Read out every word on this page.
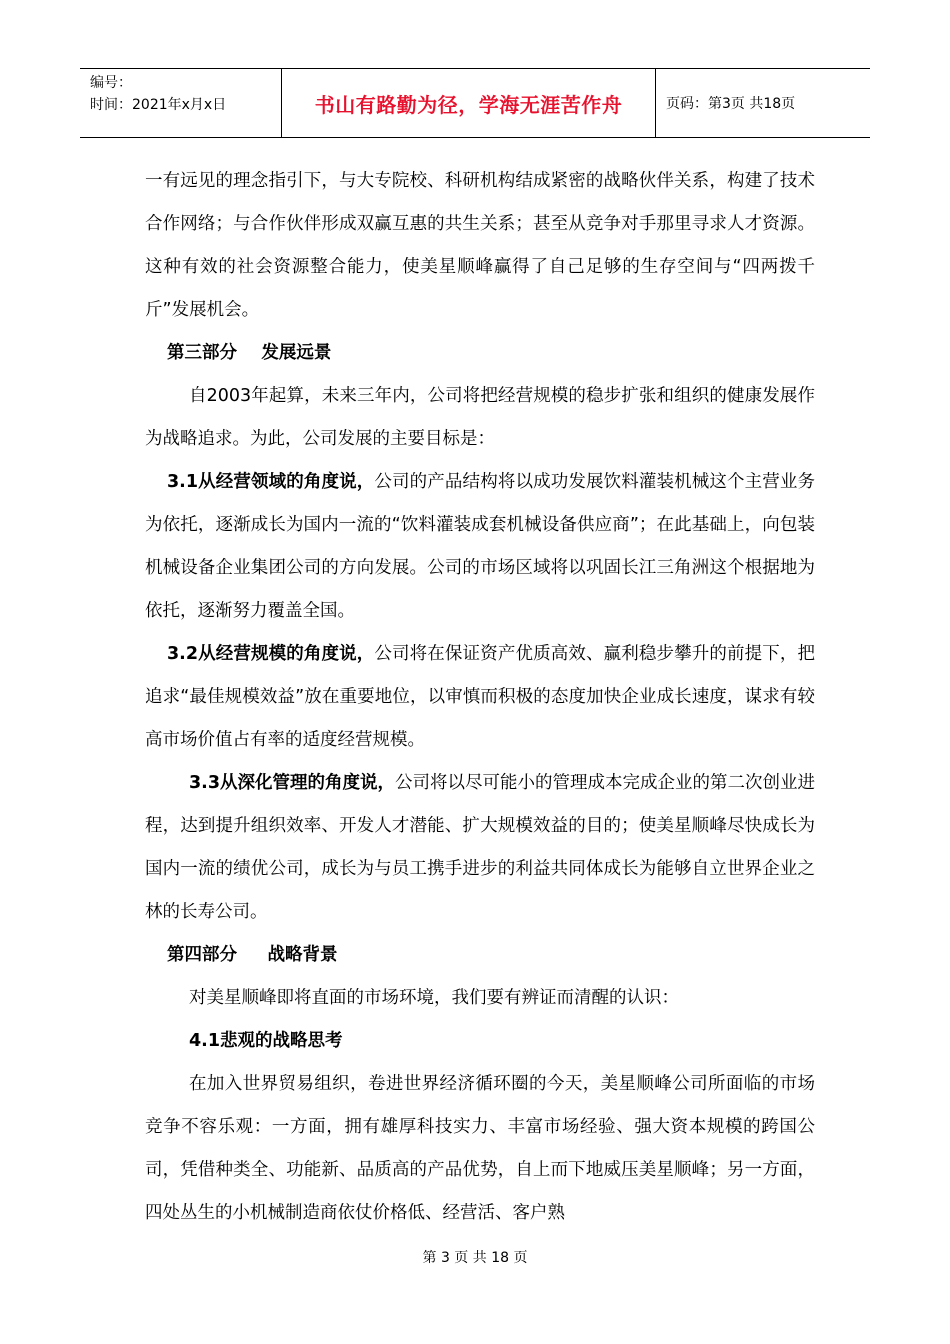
编号：
时间：2021年x月x日	书山有路勤为径，学海无涯苦作舟	页码：第3页 共18页

一有远见的理念指引下，与大专院校、科研机构结成紧密的战略伙伴关系，构建了技术合作网络；与合作伙伴形成双赢互惠的共生关系；甚至从竞争对手那里寻求人才资源。这种有效的社会资源整合能力，使美星顺峰赢得了自己足够的生存空间与“四两拨千斤”发展机会。

第三部分    发展远景

自2003年起算，未来三年内，公司将把经营规模的稳步扩张和组织的健康发展作为战略追求。为此，公司发展的主要目标是：

3.1从经营领域的角度说，公司的产品结构将以成功发展饮料灌装机械这个主营业务为依托，逐渐成长为国内一流的“饮料灌装成套机械设备供应商”；在此基础上，向包装机械设备企业集团公司的方向发展。公司的市场区域将以巩固长江三角洲这个根据地为依托，逐渐努力覆盖全国。

3.2从经营规模的角度说，公司将在保证资产优质高效、赢利稳步攀升的前提下，把追求“最佳规模效益”放在重要地位，以审慎而积极的态度加快企业成长速度，谋求有较高市场价值占有率的适度经营规模。

3.3从深化管理的角度说，公司将以尽可能小的管理成本完成企业的第二次创业进程，达到提升组织效率、开发人才潜能、扩大规模效益的目的；使美星顺峰尽快成长为国内一流的绩优公司，成长为与员工携手进步的利益共同体成长为能够自立世界企业之林的长寿公司。

第四部分     战略背景

对美星顺峰即将直面的市场环境，我们要有辨证而清醒的认识：

4.1悲观的战略思考

在加入世界贸易组织，卷进世界经济循环圈的今天，美星顺峰公司所面临的市场竞争不容乐观：一方面，拥有雄厚科技实力、丰富市场经验、强大资本规模的跨国公司，凭借种类全、功能新、品质高的产品优势，自上而下地威压美星顺峰；另一方面，四处丛生的小机械制造商依仗价格低、经营活、客户熟

第 3 页 共 18 页
